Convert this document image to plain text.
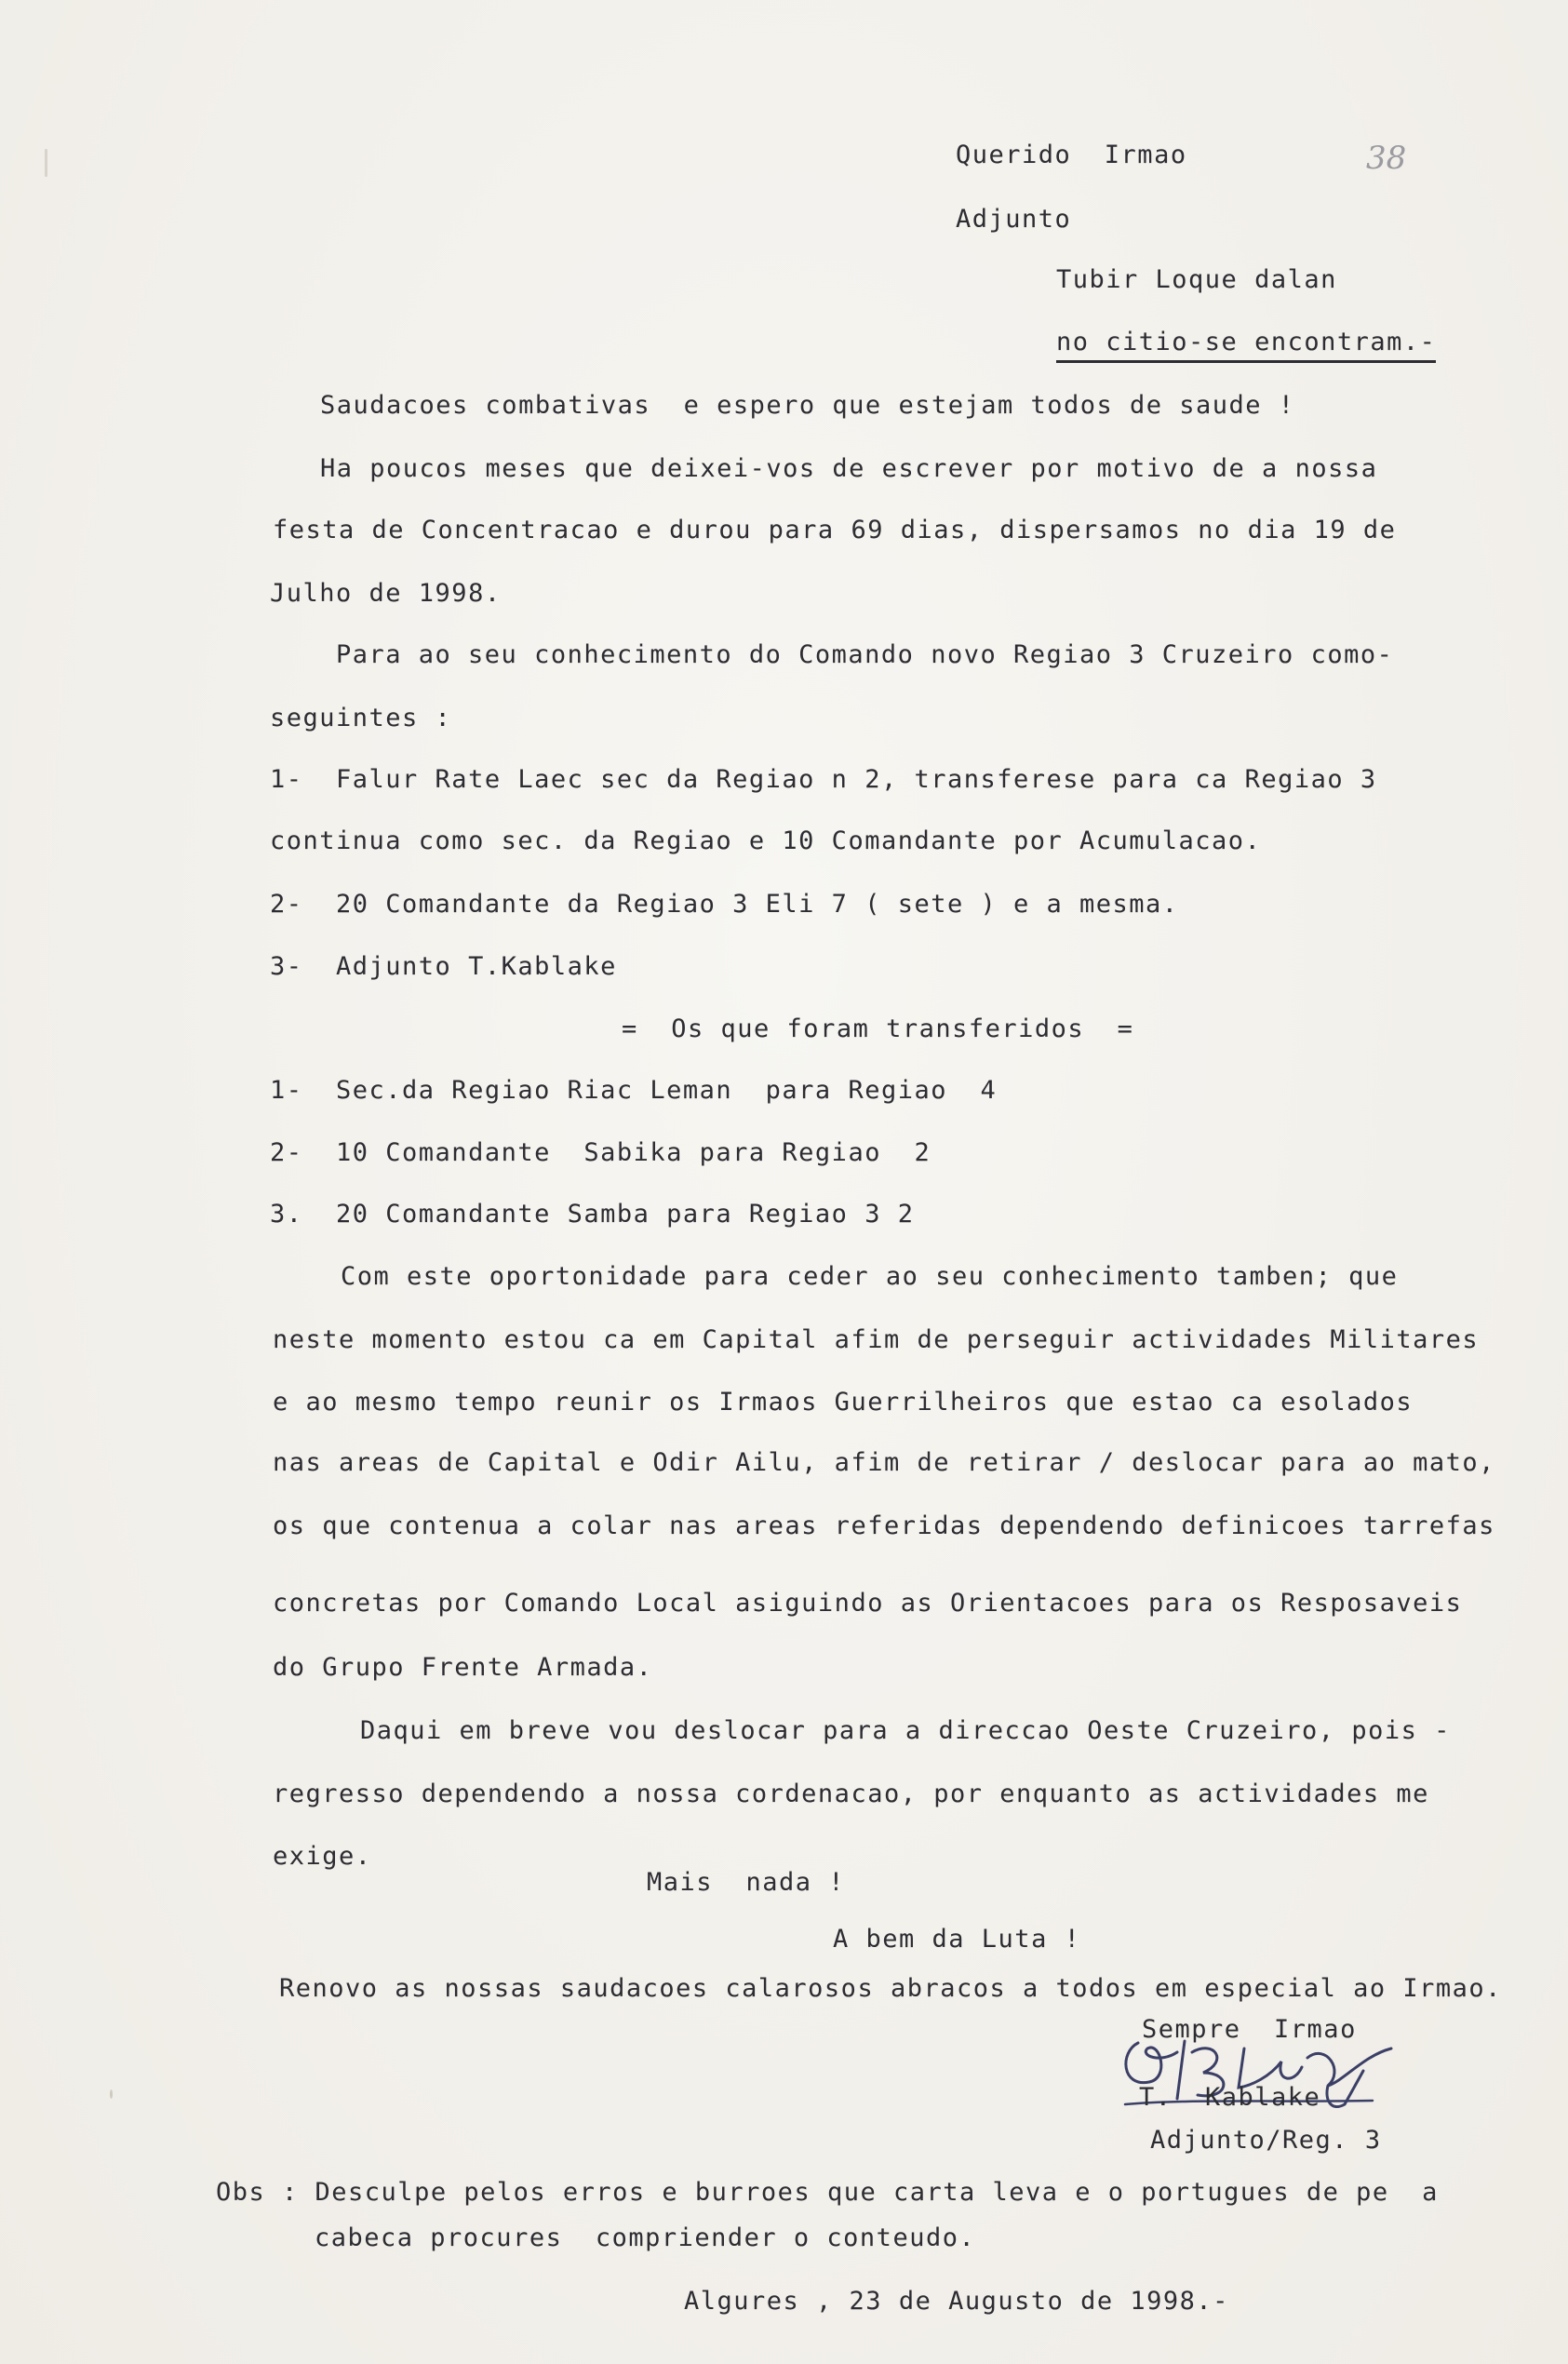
38
Querido  Irmao
Adjunto
Tubir Loque dalan
no citio-se encontram.-
Saudacoes combativas  e espero que estejam todos de saude !
Ha poucos meses que deixei-vos de escrever por motivo de a nossa
festa de Concentracao e durou para 69 dias, dispersamos no dia 19 de
Julho de 1998.
Para ao seu conhecimento do Comando novo Regiao 3 Cruzeiro como-
seguintes :
1-  Falur Rate Laec sec da Regiao n 2, transferese para ca Regiao 3
continua como sec. da Regiao e 10 Comandante por Acumulacao.
2-  20 Comandante da Regiao 3 Eli 7 ( sete ) e a mesma.
3-  Adjunto T.Kablake
=  Os que foram transferidos  =
1-  Sec.da Regiao Riac Leman  para Regiao  4
2-  10 Comandante  Sabika para Regiao  2
3.  20 Comandante Samba para Regiao 3 2
Com este oportonidade para ceder ao seu conhecimento tamben; que
neste momento estou ca em Capital afim de perseguir actividades Militares
e ao mesmo tempo reunir os Irmaos Guerrilheiros que estao ca esolados
nas areas de Capital e Odir Ailu, afim de retirar / deslocar para ao mato,
os que contenua a colar nas areas referidas dependendo definicoes tarrefas
concretas por Comando Local asiguindo as Orientacoes para os Resposaveis
do Grupo Frente Armada.
Daqui em breve vou deslocar para a direccao Oeste Cruzeiro, pois -
regresso dependendo a nossa cordenacao, por enquanto as actividades me
exige.
Mais  nada !
A bem da Luta !
Renovo as nossas saudacoes calarosos abracos a todos em especial ao Irmao.
Sempre  Irmao
T.  Kablake
Adjunto/Reg. 3
Obs : Desculpe pelos erros e burroes que carta leva e o portugues de pe  a
cabeca procures  compriender o conteudo.
Algures , 23 de Augusto de 1998.-
